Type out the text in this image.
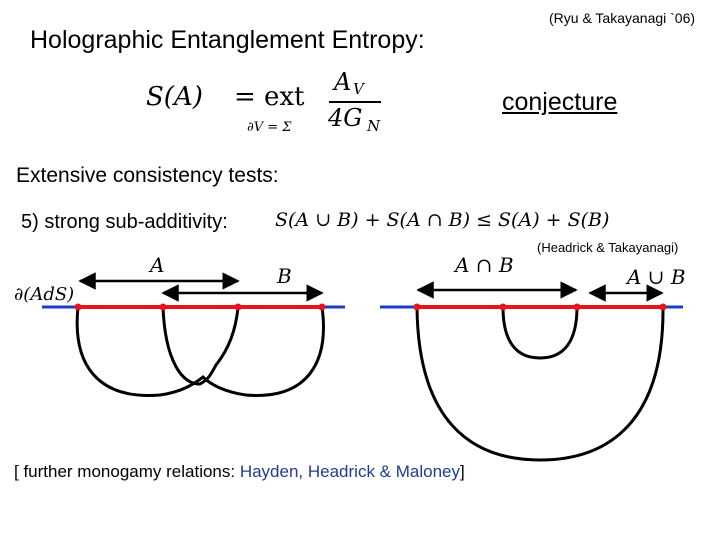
Holographic Entanglement Entropy:
(Ryu & Takayanagi `06)
S(A) = ext
∂V = Σ
A V
4G N
conjecture
Extensive consistency tests:
5) strong sub-additivity: S(A ∪ B) + S(A ∩ B) ≤ S(A) + S(B)
(Headrick & Takayanagi)
∂(AdS)
A	B	A ∩ B	A ∪ B
[ further monogamy relations: Hayden, Headrick & Maloney]
